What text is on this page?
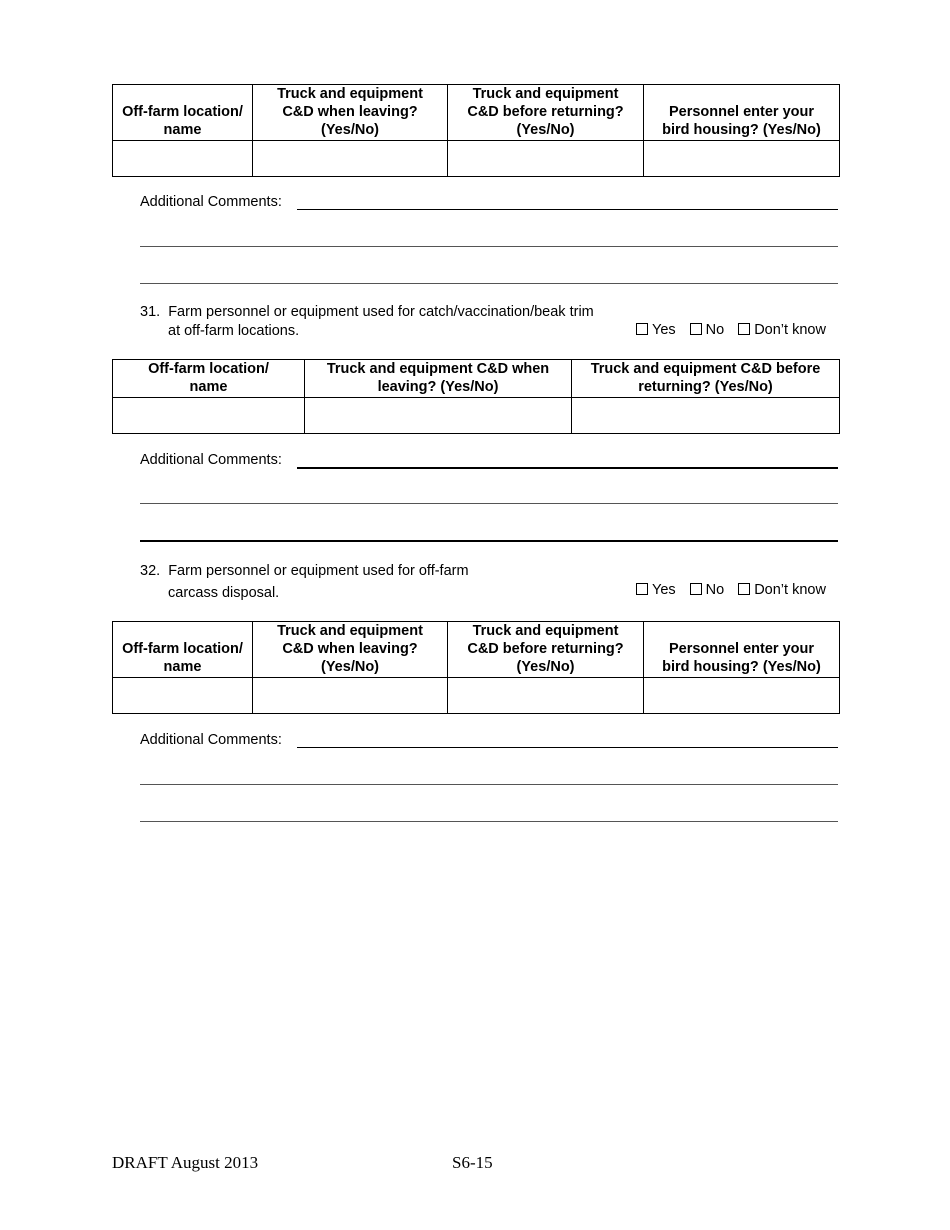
Off-farm location/ name	Truck and equipment C&D when leaving? (Yes/No)	Truck and equipment C&D before returning? (Yes/No)	Personnel enter your bird housing? (Yes/No)

Additional Comments:
31. Farm personnel or equipment used for catch/vaccination/beak trim
at off-farm locations.	Yes No Don’t know
Off-farm location/ name	Truck and equipment C&D when leaving? (Yes/No)	Truck and equipment C&D before returning? (Yes/No)

Additional Comments:
32. Farm personnel or equipment used for off-farm
carcass disposal.	Yes No Don’t know
Off-farm location/ name	Truck and equipment C&D when leaving? (Yes/No)	Truck and equipment C&D before returning? (Yes/No)	Personnel enter your bird housing? (Yes/No)

Additional Comments:
DRAFT August 2013	S6-15
